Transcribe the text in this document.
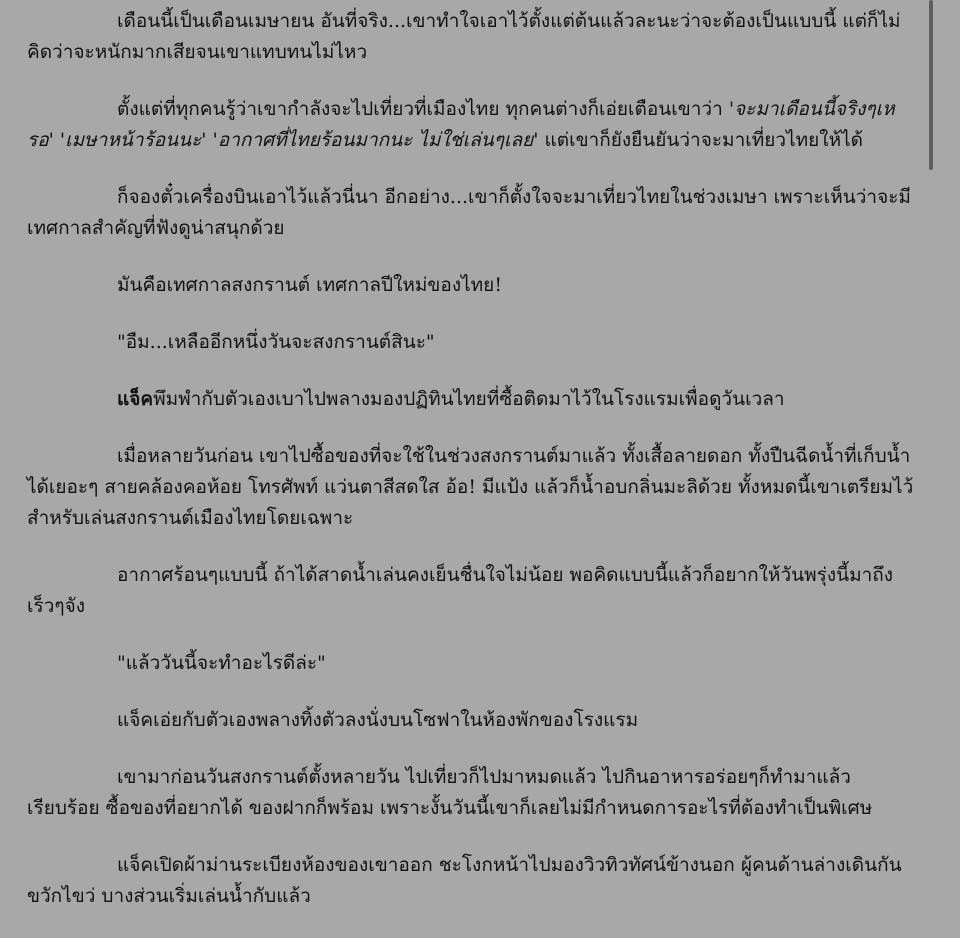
เดือนนี้เป็นเดือนเมษายน อันที่จริง...เขาทำใจเอาไว้ตั้งแต่ต้นแล้วละนะว่าจะต้องเป็นแบบนี้ แต่ก็ไม่คิดว่าจะหนักมากเสียจนเขาแทบทนไม่ไหว

ตั้งแต่ที่ทุกคนรู้ว่าเขากำลังจะไปเที่ยวที่เมืองไทย ทุกคนต่างก็เอ่ยเตือนเขาว่า 'จะมาเดือนนี้จริงๆเหรอ' 'เมษาหน้าร้อนนะ' 'อากาศที่ไทยร้อนมากนะ ไม่ใช่เล่นๆเลย' แต่เขาก็ยังยืนยันว่าจะมาเที่ยวไทยให้ได้

ก็จองตั๋วเครื่องบินเอาไว้แล้วนี่นา อีกอย่าง...เขาก็ตั้งใจจะมาเที่ยวไทยในช่วงเมษา เพราะเห็นว่าจะมีเทศกาลสำคัญที่ฟังดูน่าสนุกด้วย

มันคือเทศกาลสงกรานต์ เทศกาลปีใหม่ของไทย!

"อืม...เหลืออีกหนึ่งวันจะสงกรานต์สินะ"

แจ็คพึมพำกับตัวเองเบาไปพลางมองปฏิทินไทยที่ซื้อติดมาไว้ในโรงแรมเพื่อดูวันเวลา

เมื่อหลายวันก่อน เขาไปซื้อของที่จะใช้ในช่วงสงกรานต์มาแล้ว ทั้งเสื้อลายดอก ทั้งปืนฉีดน้ำที่เก็บน้ำได้เยอะๆ สายคล้องคอห้อย โทรศัพท์ แว่นตาสีสดใส อ้อ! มีแป้ง แล้วก็น้ำอบกลิ่นมะลิด้วย ทั้งหมดนี้เขาเตรียมไว้สำหรับเล่นสงกรานต์เมืองไทยโดยเฉพาะ

อากาศร้อนๆแบบนี้ ถ้าได้สาดน้ำเล่นคงเย็นชื่นใจไม่น้อย พอคิดแบบนี้แล้วก็อยากให้วันพรุ่งนี้มาถึงเร็วๆจัง

"แล้ววันนี้จะทำอะไรดีล่ะ"

แจ็คเอ่ยกับตัวเองพลางทิ้งตัวลงนั่งบนโซฟาในห้องพักของโรงแรม

เขามาก่อนวันสงกรานต์ตั้งหลายวัน ไปเที่ยวก็ไปมาหมดแล้ว ไปกินอาหารอร่อยๆก็ทำมาแล้วเรียบร้อย ซื้อของที่อยากได้ ของฝากก็พร้อม เพราะงั้นวันนี้เขาก็เลยไม่มีกำหนดการอะไรที่ต้องทำเป็นพิเศษ

แจ็คเปิดผ้าม่านระเบียงห้องของเขาออก ชะโงกหน้าไปมองวิวทิวทัศน์ข้างนอก ผู้คนด้านล่างเดินกันขวักไขว่ บางส่วนเริ่มเล่นน้ำกับแล้ว
